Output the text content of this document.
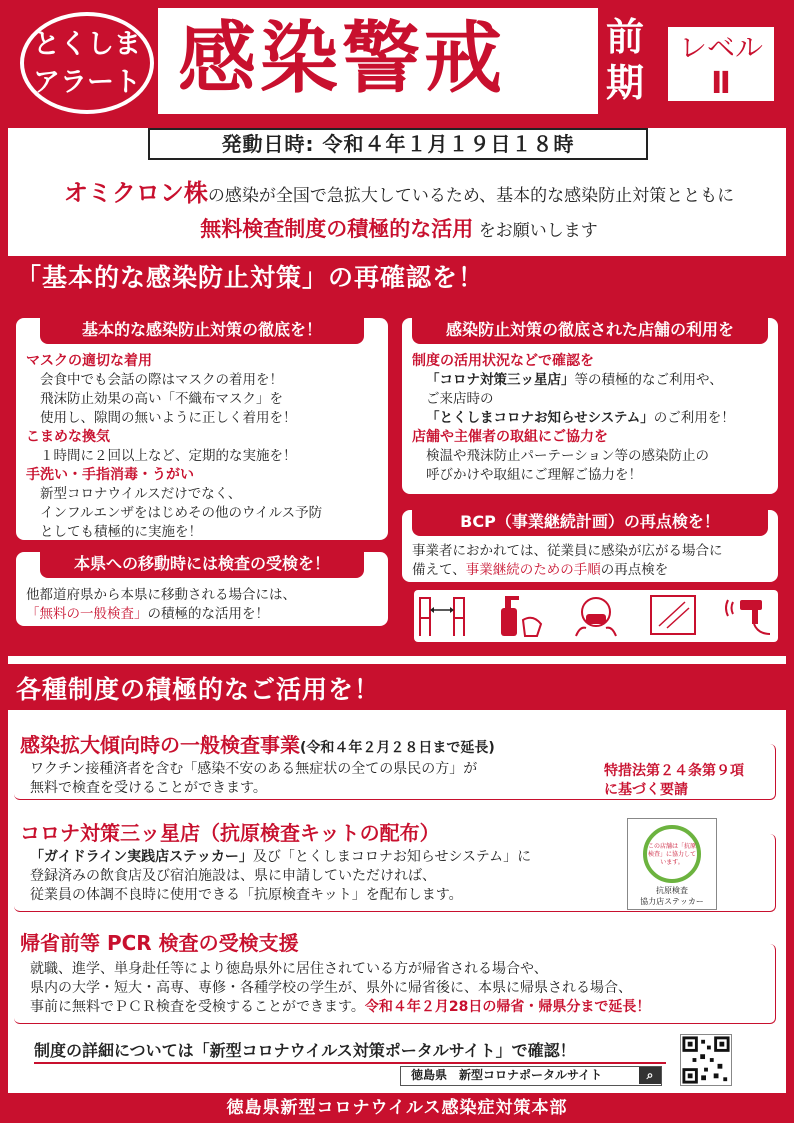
とくしま
アラート 感染警戒	前
期
レベル
Ⅱ
発動日時: 令和４年１月１９日１８時
オミクロン株の感染が全国で急拡大しているため、基本的な感染防止対策とともに
無料検査制度の積極的な活用 をお願いします
「基本的な感染防止対策」の再確認を！
基本的な感染防止対策の徹底を！
マスクの適切な着用
会食中でも会話の際はマスクの着用を！
飛沫防止効果の高い「不織布マスク」を
使用し、隙間の無いように正しく着用を！
こまめな換気
１時間に２回以上など、定期的な実施を！
手洗い・手指消毒・うがい
新型コロナウイルスだけでなく、
インフルエンザをはじめその他のウイルス予防
としても積極的に実施を！
本県への移動時には検査の受検を！
他都道府県から本県に移動される場合には、
「無料の一般検査」の積極的な活用を！
感染防止対策の徹底された店舗の利用を
制度の活用状況などで確認を
「コロナ対策三ッ星店」等の積極的なご利用や、
ご来店時の
「とくしまコロナお知らせシステム」のご利用を！
店舗や主催者の取組にご協力を
検温や飛沫防止パーテーション等の感染防止の
呼びかけや取組にご理解ご協力を！
BCP（事業継続計画）の再点検を！
事業者におかれては、従業員に感染が広がる場合に
備えて、事業継続のための手順の再点検を
各種制度の積極的なご活用を！
感染拡大傾向時の一般検査事業(令和４年２月２８日まで延長)
ワクチン接種済者を含む「感染不安のある無症状の全ての県民の方」が
無料で検査を受けることができます。
特措法第２４条第９項
に基づく要請
コロナ対策三ッ星店（抗原検査キットの配布）
「ガイドライン実践店ステッカー」及び「とくしまコロナお知らせシステム」に
登録済みの飲食店及び宿泊施設は、県に申請していただければ、
従業員の体調不良時に使用できる「抗原検査キット」を配布します。
この店舗は「抗原検査」に協力しています。
抗原検査
協力店ステッカー
帰省前等 PCR 検査の受検支援
就職、進学、単身赴任等により徳島県外に居住されている方が帰省される場合や、
県内の大学・短大・高専、専修・各種学校の学生が、県外に帰省後に、本県に帰県される場合、
事前に無料でＰＣＲ検査を受検することができます。令和４年２月28日の帰省・帰県分まで延長！
制度の詳細については「新型コロナウイルス対策ポータルサイト」で確認！
徳島県　新型コロナポータルサイト	⌕
徳島県新型コロナウイルス感染症対策本部
